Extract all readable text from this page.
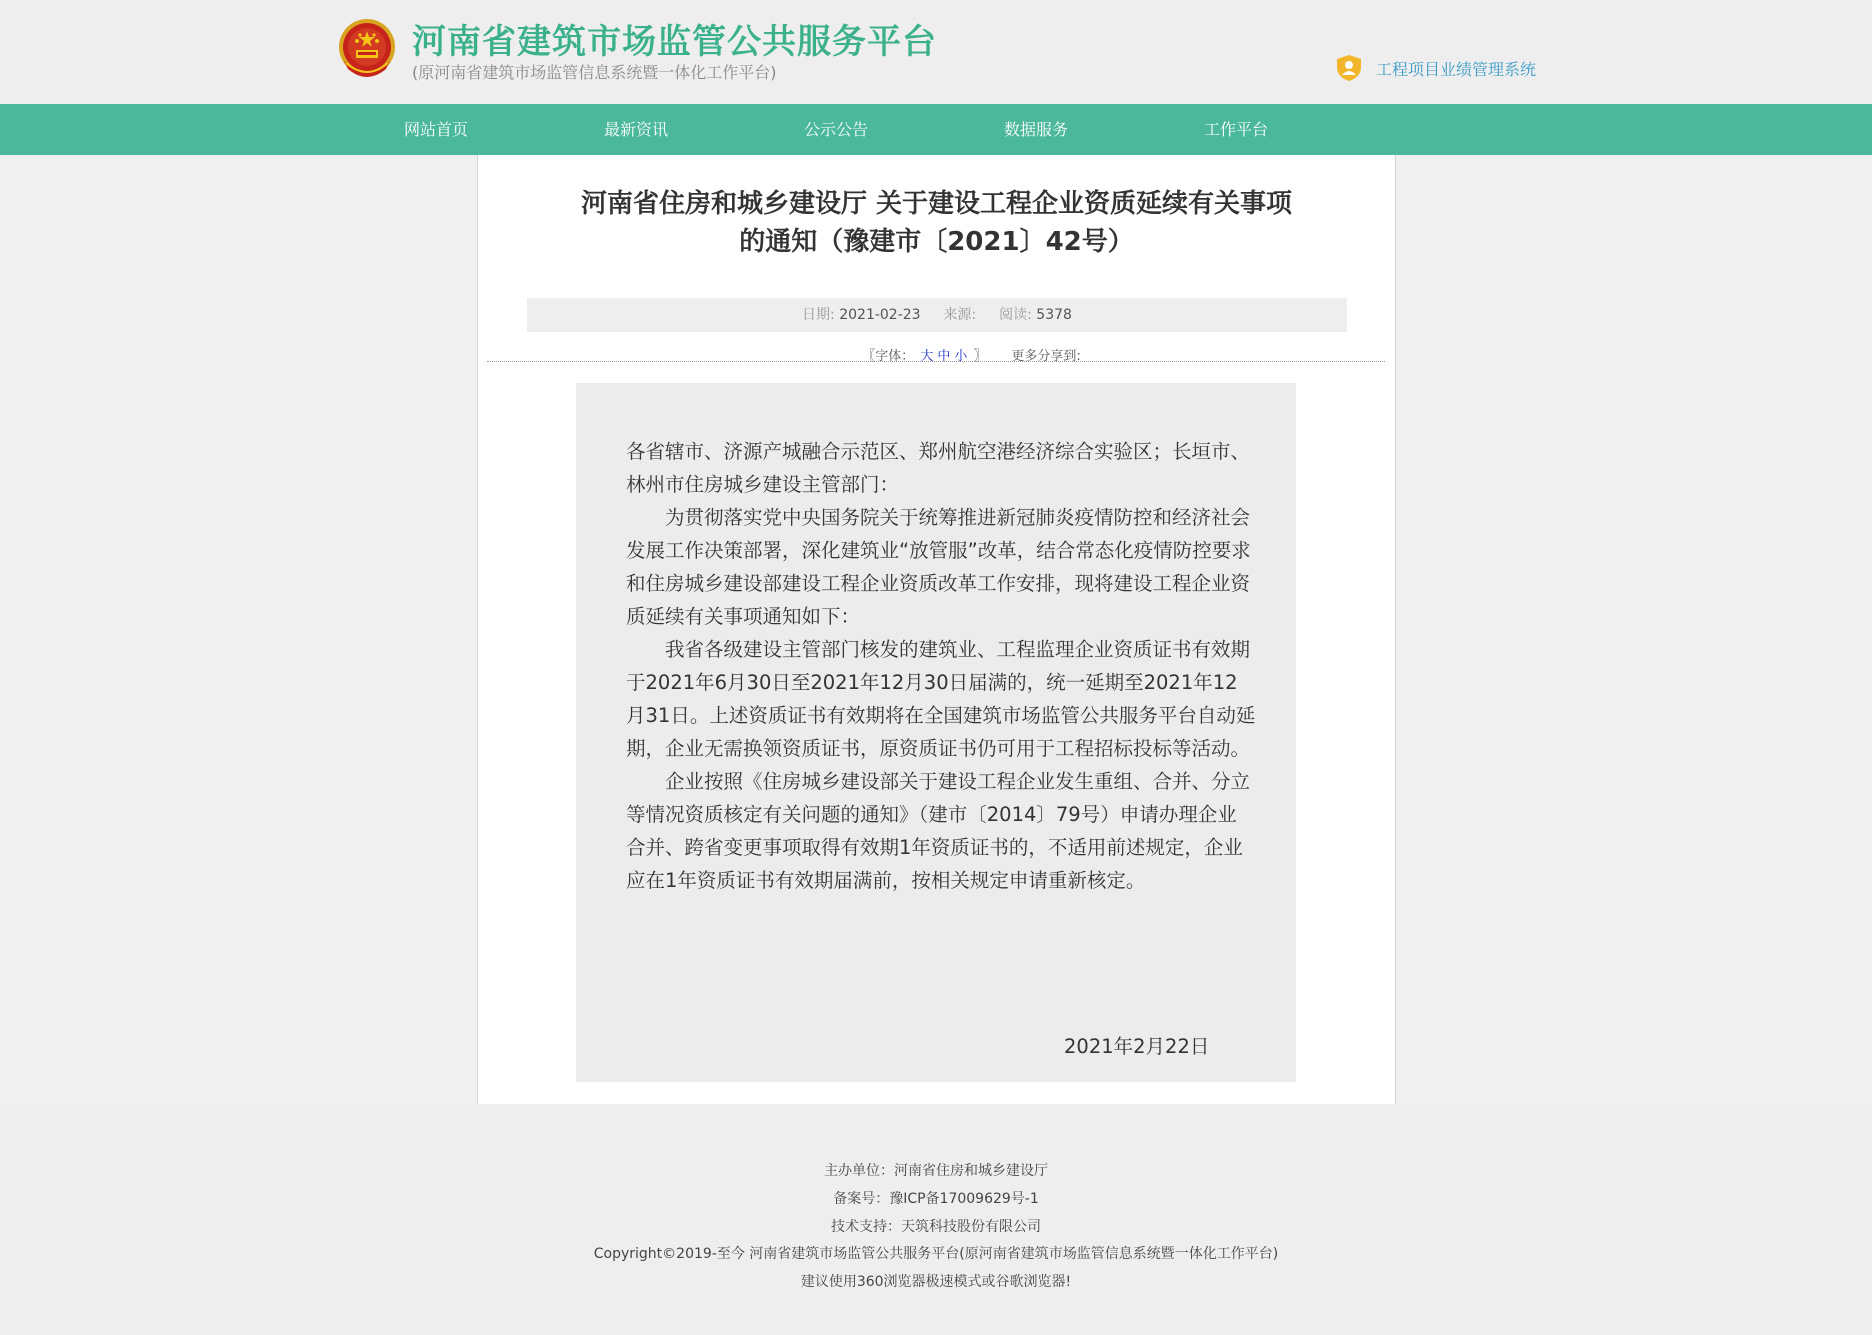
河南省建筑市场监管公共服务平台
(原河南省建筑市场监管信息系统暨一体化工作平台)	工程项目业绩管理系统
网站首页	最新资讯	公示公告	数据服务	工作平台
河南省住房和城乡建设厅 关于建设工程企业资质延续有关事项
的通知（豫建市〔2021〕42号）
日期: 2021-02-23 来源: 阅读: 5378
〖字体： 大 中 小 〗 更多分享到:

各省辖市、济源产城融合示范区、郑州航空港经济综合实验区；长垣市、林州市住房城乡建设主管部门：

为贯彻落实党中央国务院关于统筹推进新冠肺炎疫情防控和经济社会发展工作决策部署，深化建筑业“放管服”改革，结合常态化疫情防控要求和住房城乡建设部建设工程企业资质改革工作安排，现将建设工程企业资质延续有关事项通知如下：

我省各级建设主管部门核发的建筑业、工程监理企业资质证书有效期于2021年6月30日至2021年12月30日届满的，统一延期至2021年12月31日。上述资质证书有效期将在全国建筑市场监管公共服务平台自动延期，企业无需换领资质证书，原资质证书仍可用于工程招标投标等活动。

企业按照《住房城乡建设部关于建设工程企业发生重组、合并、分立等情况资质核定有关问题的通知》（建市〔2014〕79号）申请办理企业合并、跨省变更事项取得有效期1年资质证书的，不适用前述规定，企业应在1年资质证书有效期届满前，按相关规定申请重新核定。

2021年2月22日
主办单位：河南省住房和城乡建设厅
备案号：豫ICP备17009629号-1
技术支持：天筑科技股份有限公司
Copyright©2019-至今 河南省建筑市场监管公共服务平台(原河南省建筑市场监管信息系统暨一体化工作平台)
建议使用360浏览器极速模式或谷歌浏览器!
